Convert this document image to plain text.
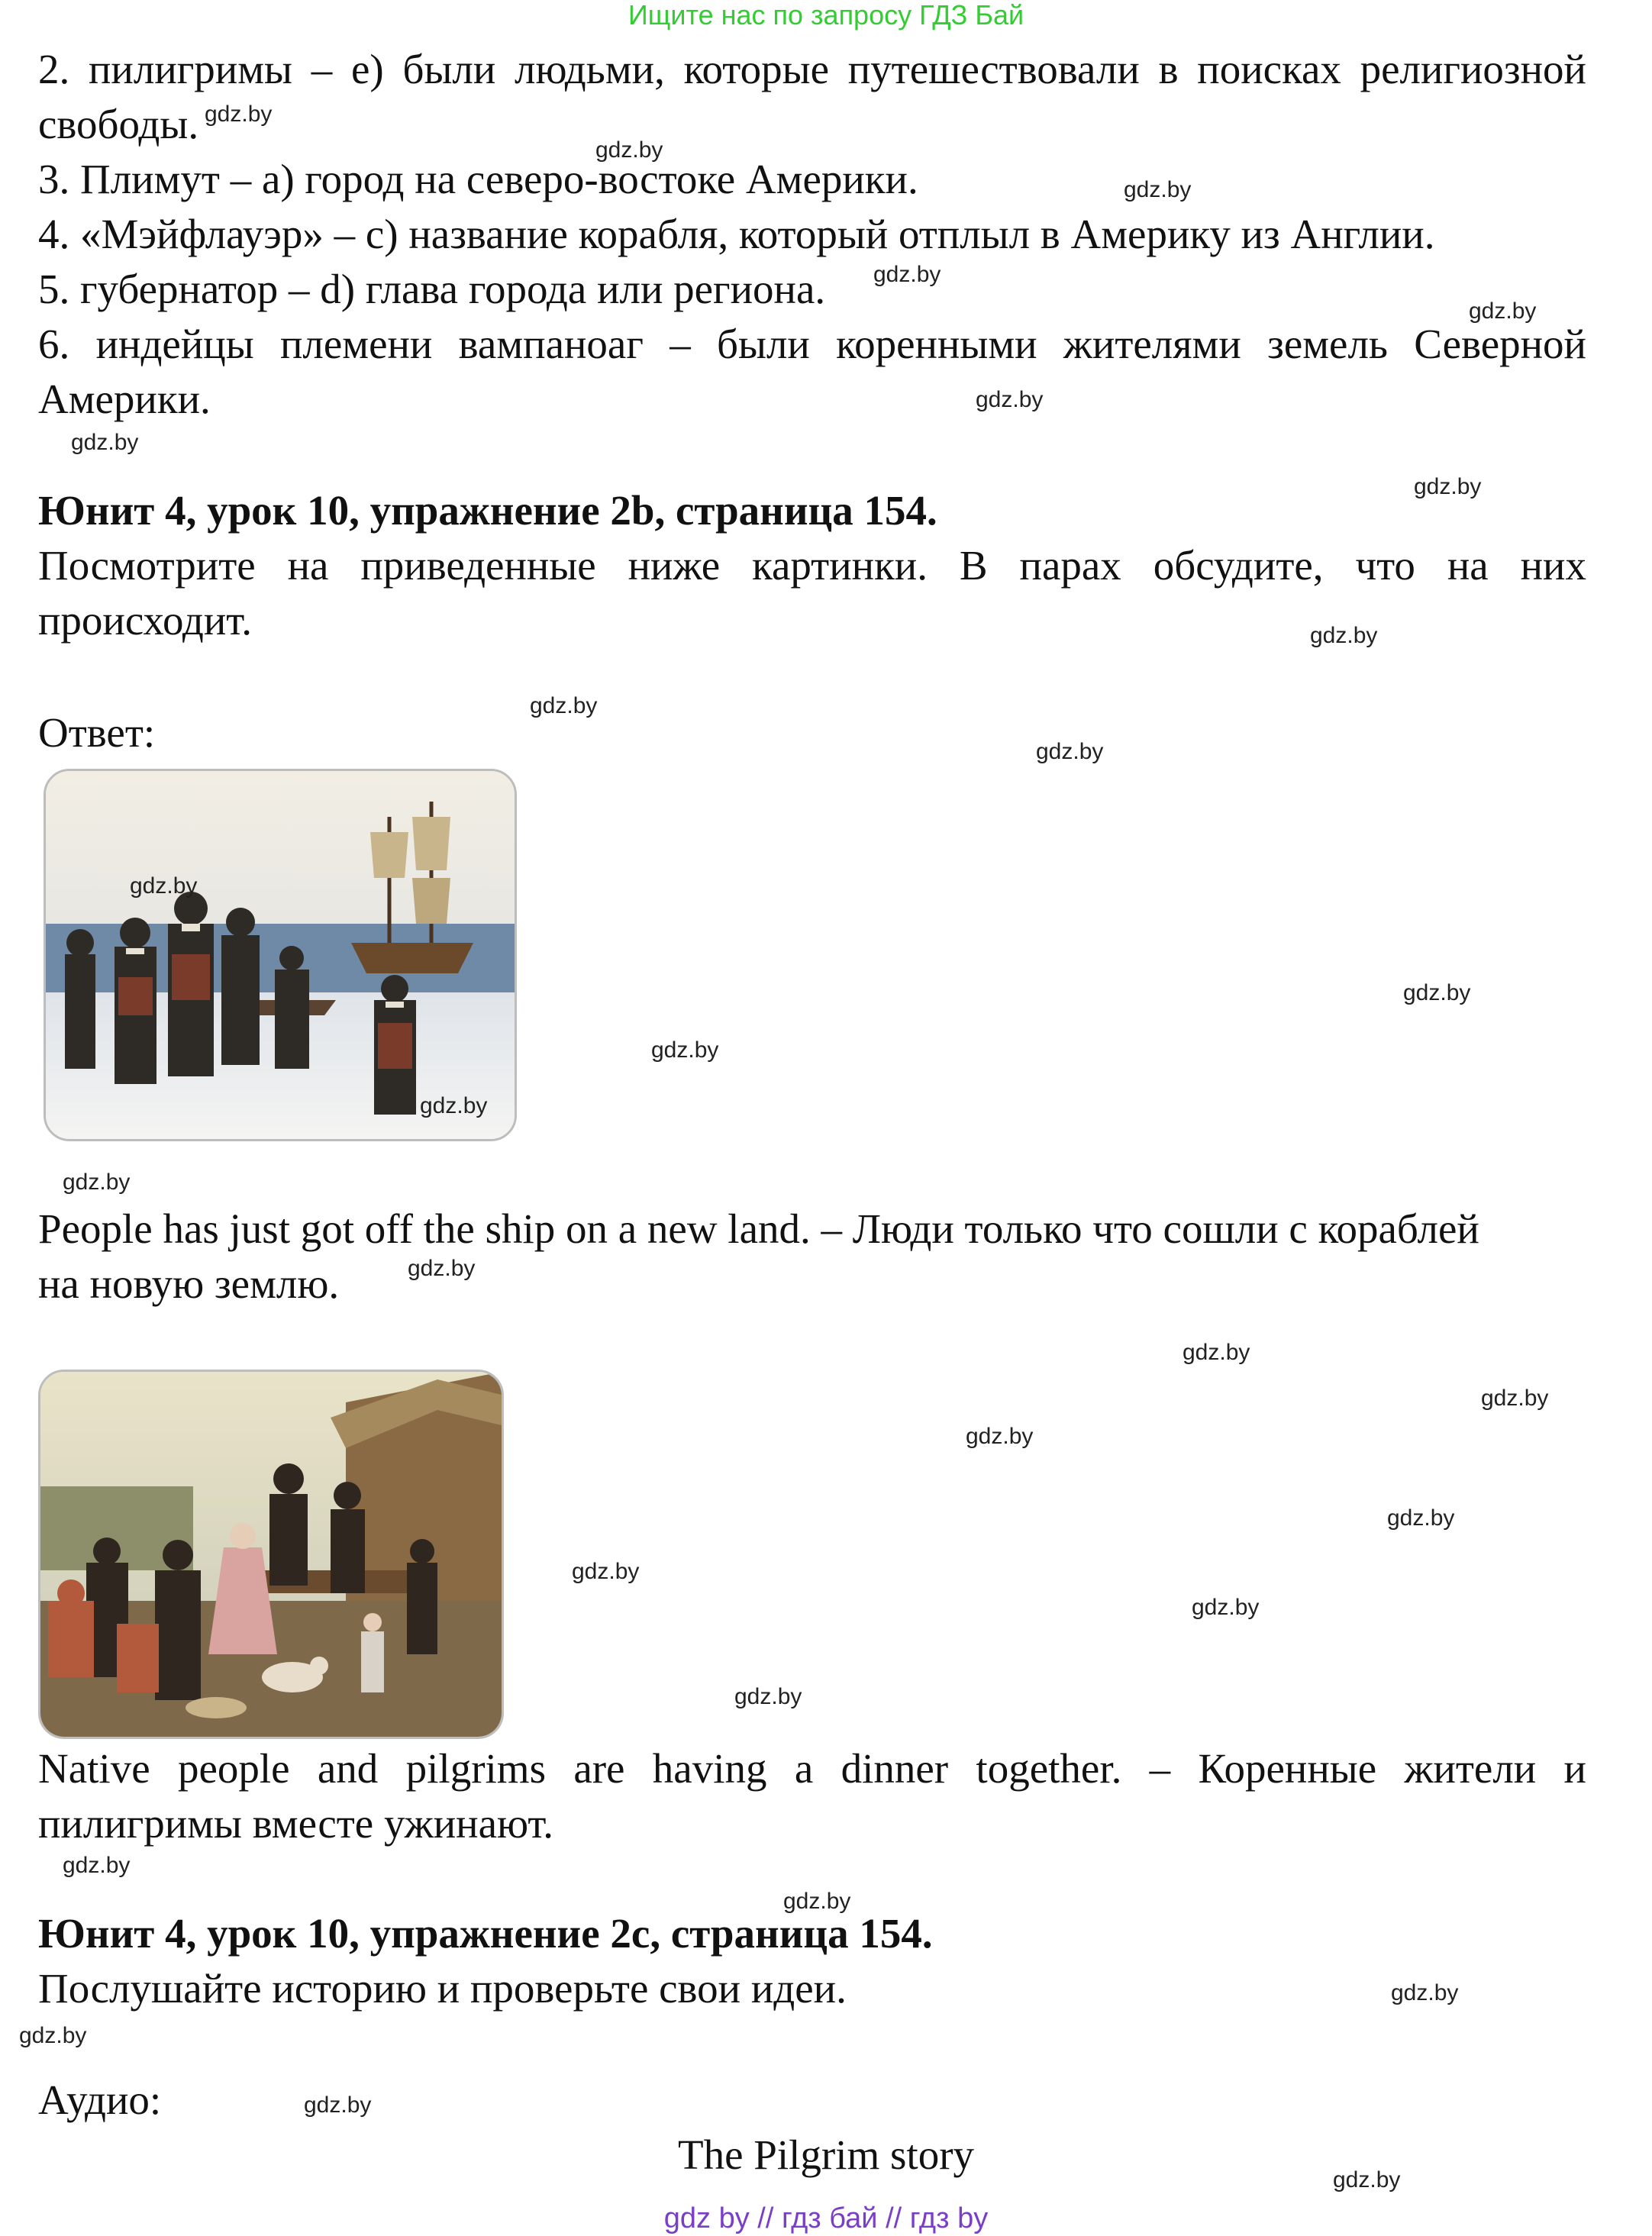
Ищите нас по запросу ГДЗ Бай
2. пилигримы – e) были людьми, которые путешествовали в поисках религиозной
свободы.
3. Плимут – a) город на северо-востоке Америки.
4. «Мэйфлауэр» – c) название корабля, который отплыл в Америку из Англии.
5. губернатор – d) глава города или региона.
6. индейцы племени вампаноаг – были коренными жителями земель Северной
Америки.
Юнит 4, урок 10, упражнение 2b, страница 154.
Посмотрите на приведенные ниже картинки. В парах обсудите, что на них
происходит.
Ответ:
People has just got off the ship on a new land. – Люди только что сошли с кораблей
на новую землю.
Native people and pilgrims are having a dinner together. – Коренные жители и
пилигримы вместе ужинают.
Юнит 4, урок 10, упражнение 2c, страница 154.
Послушайте историю и проверьте свои идеи.
Аудио:
The Pilgrim story
gdz.by
gdz.by
gdz.by
gdz.by
gdz.by
gdz.by
gdz.by
gdz.by
gdz.by
gdz.by
gdz.by
gdz.by
gdz.by
gdz.by
gdz.by
gdz.by
gdz.by
gdz.by
gdz.by
gdz.by
gdz.by
gdz.by
gdz.by
gdz.by
gdz.by
gdz.by
gdz.by
gdz.by
gdz.by
gdz.by
gdz by // гдз бай // гдз by
